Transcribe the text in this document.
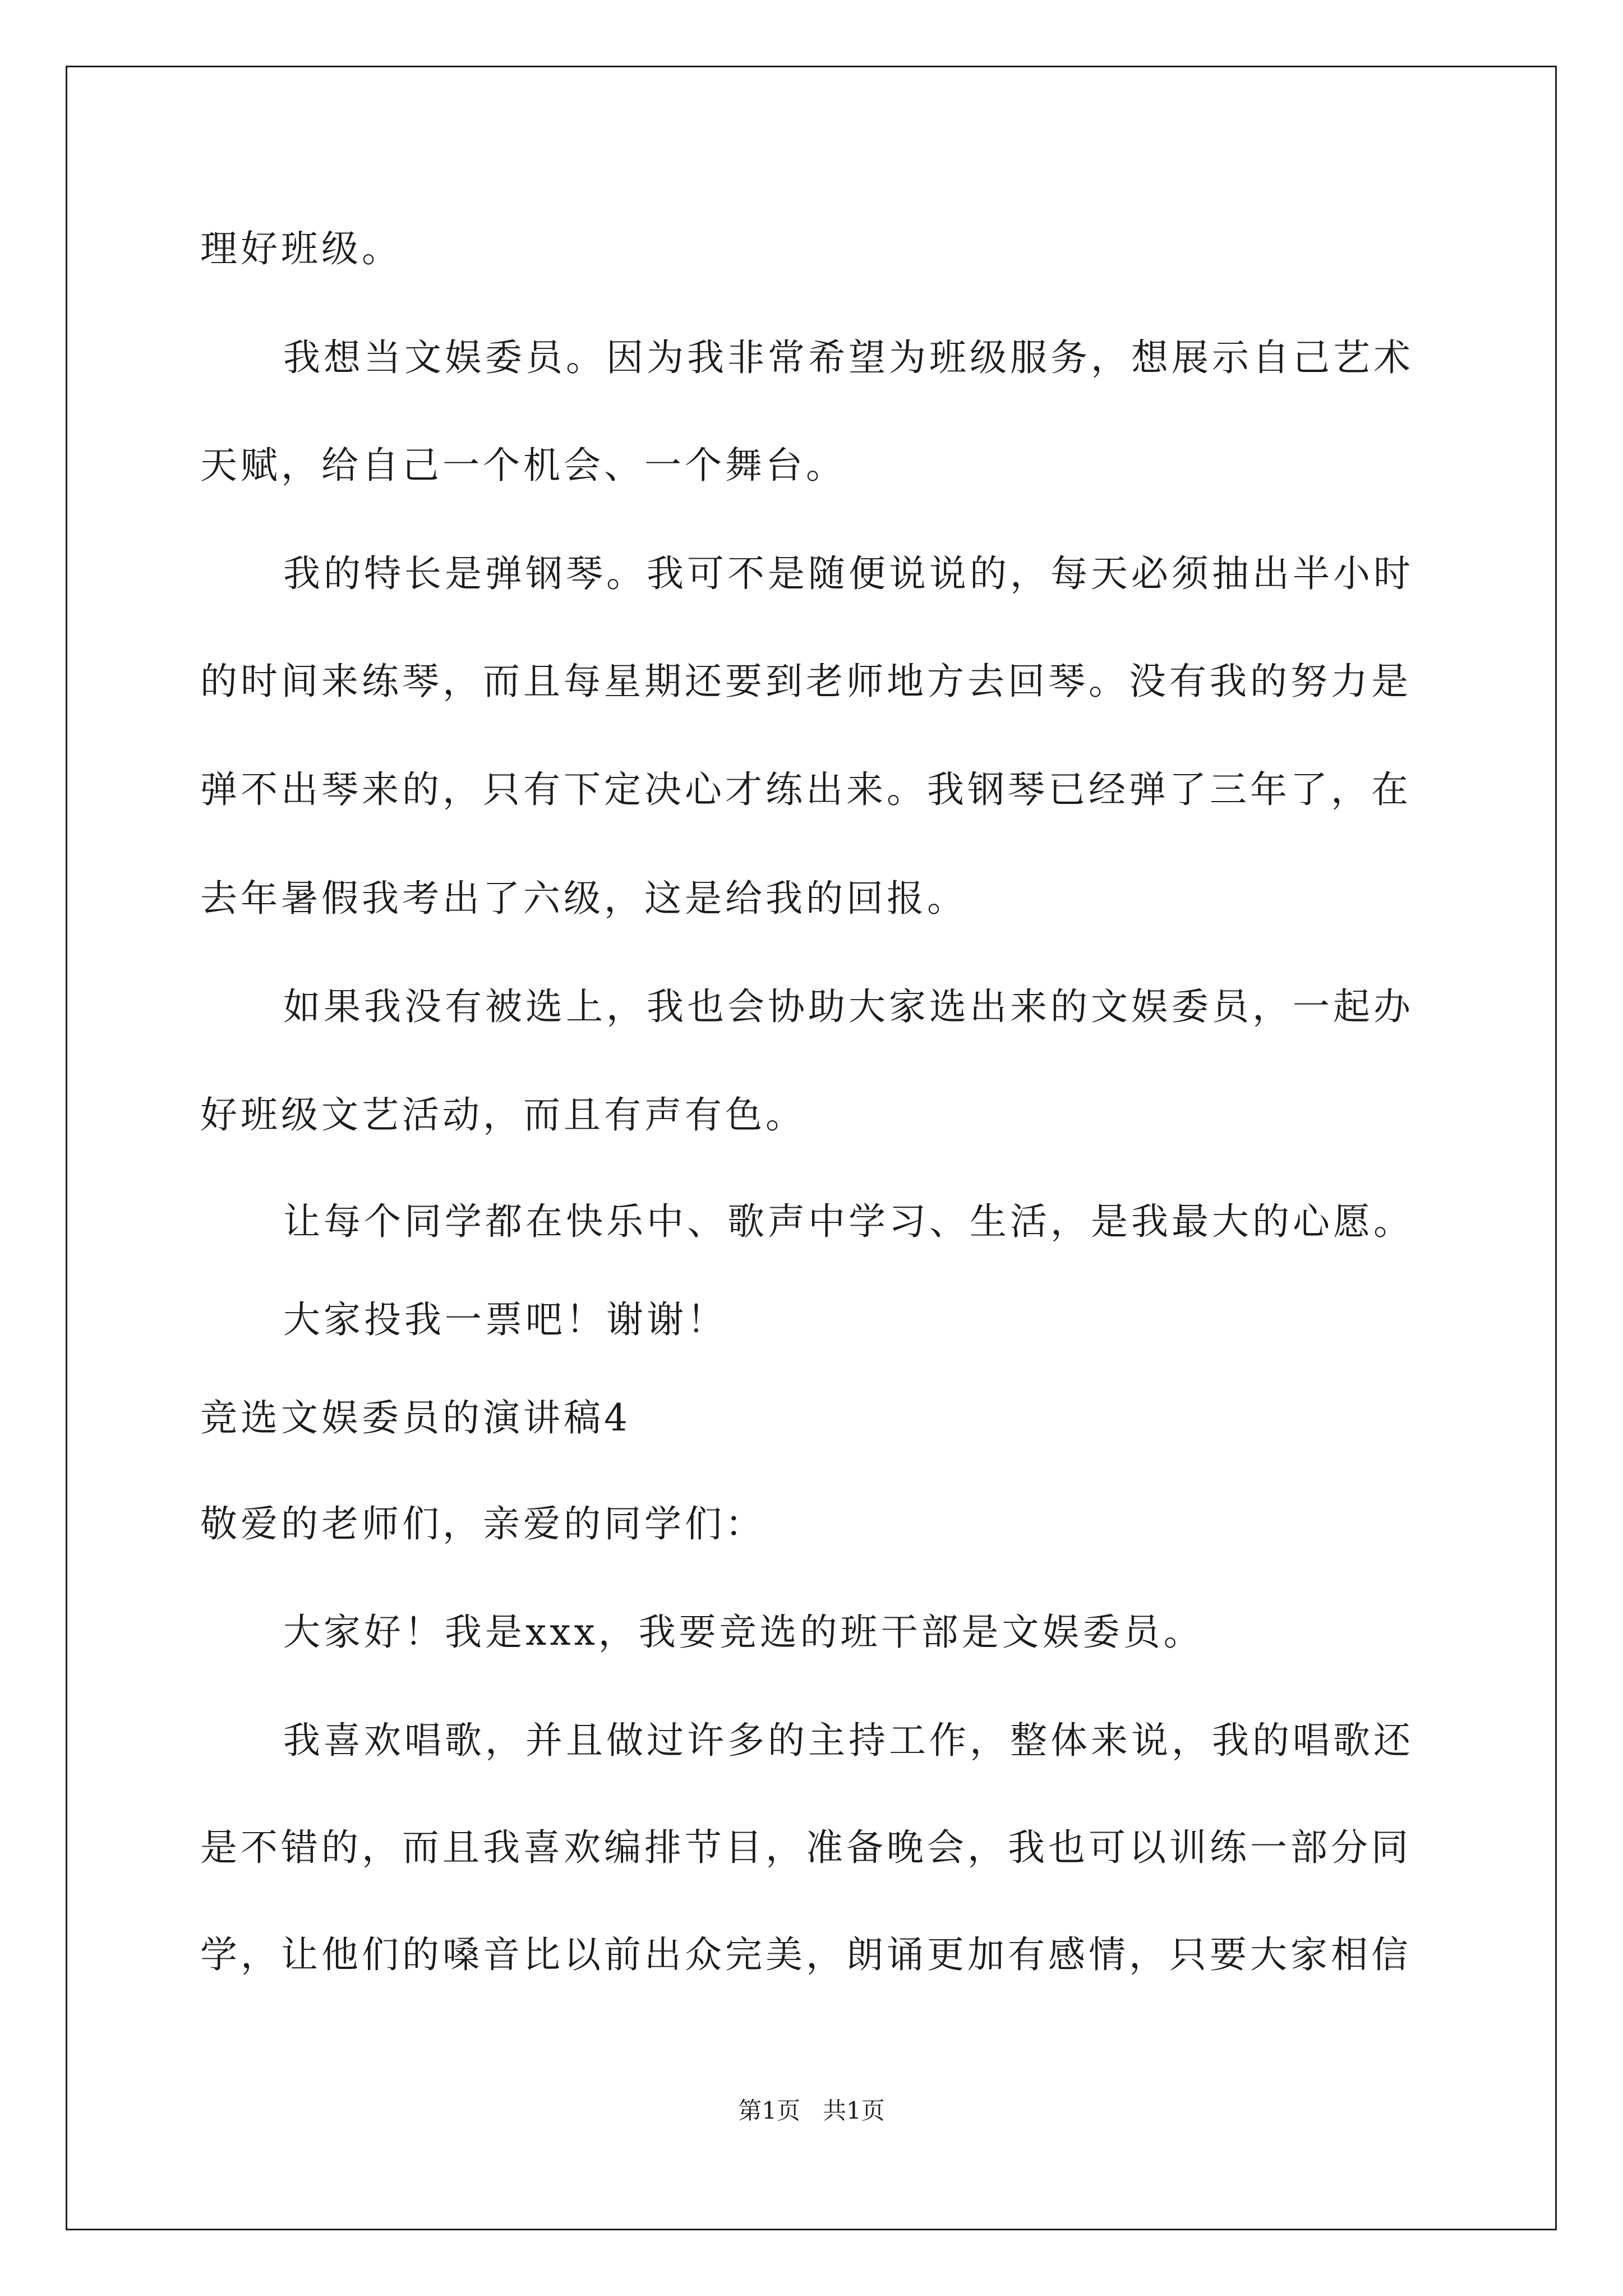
理好班级。
我想当文娱委员。因为我非常希望为班级服务，想展示自己艺术
天赋，给自己一个机会、一个舞台。
我的特长是弹钢琴。我可不是随便说说的，每天必须抽出半小时
的时间来练琴，而且每星期还要到老师地方去回琴。没有我的努力是
弹不出琴来的，只有下定决心才练出来。我钢琴已经弹了三年了，在
去年暑假我考出了六级，这是给我的回报。
如果我没有被选上，我也会协助大家选出来的文娱委员，一起办
好班级文艺活动，而且有声有色。
让每个同学都在快乐中、歌声中学习、生活，是我最大的心愿。
大家投我一票吧！谢谢！
竞选文娱委员的演讲稿4
敬爱的老师们，亲爱的同学们：
大家好！我是xxx，我要竞选的班干部是文娱委员。
我喜欢唱歌，并且做过许多的主持工作，整体来说，我的唱歌还
是不错的，而且我喜欢编排节目，准备晚会，我也可以训练一部分同
学，让他们的嗓音比以前出众完美，朗诵更加有感情，只要大家相信
第1页 共1页
